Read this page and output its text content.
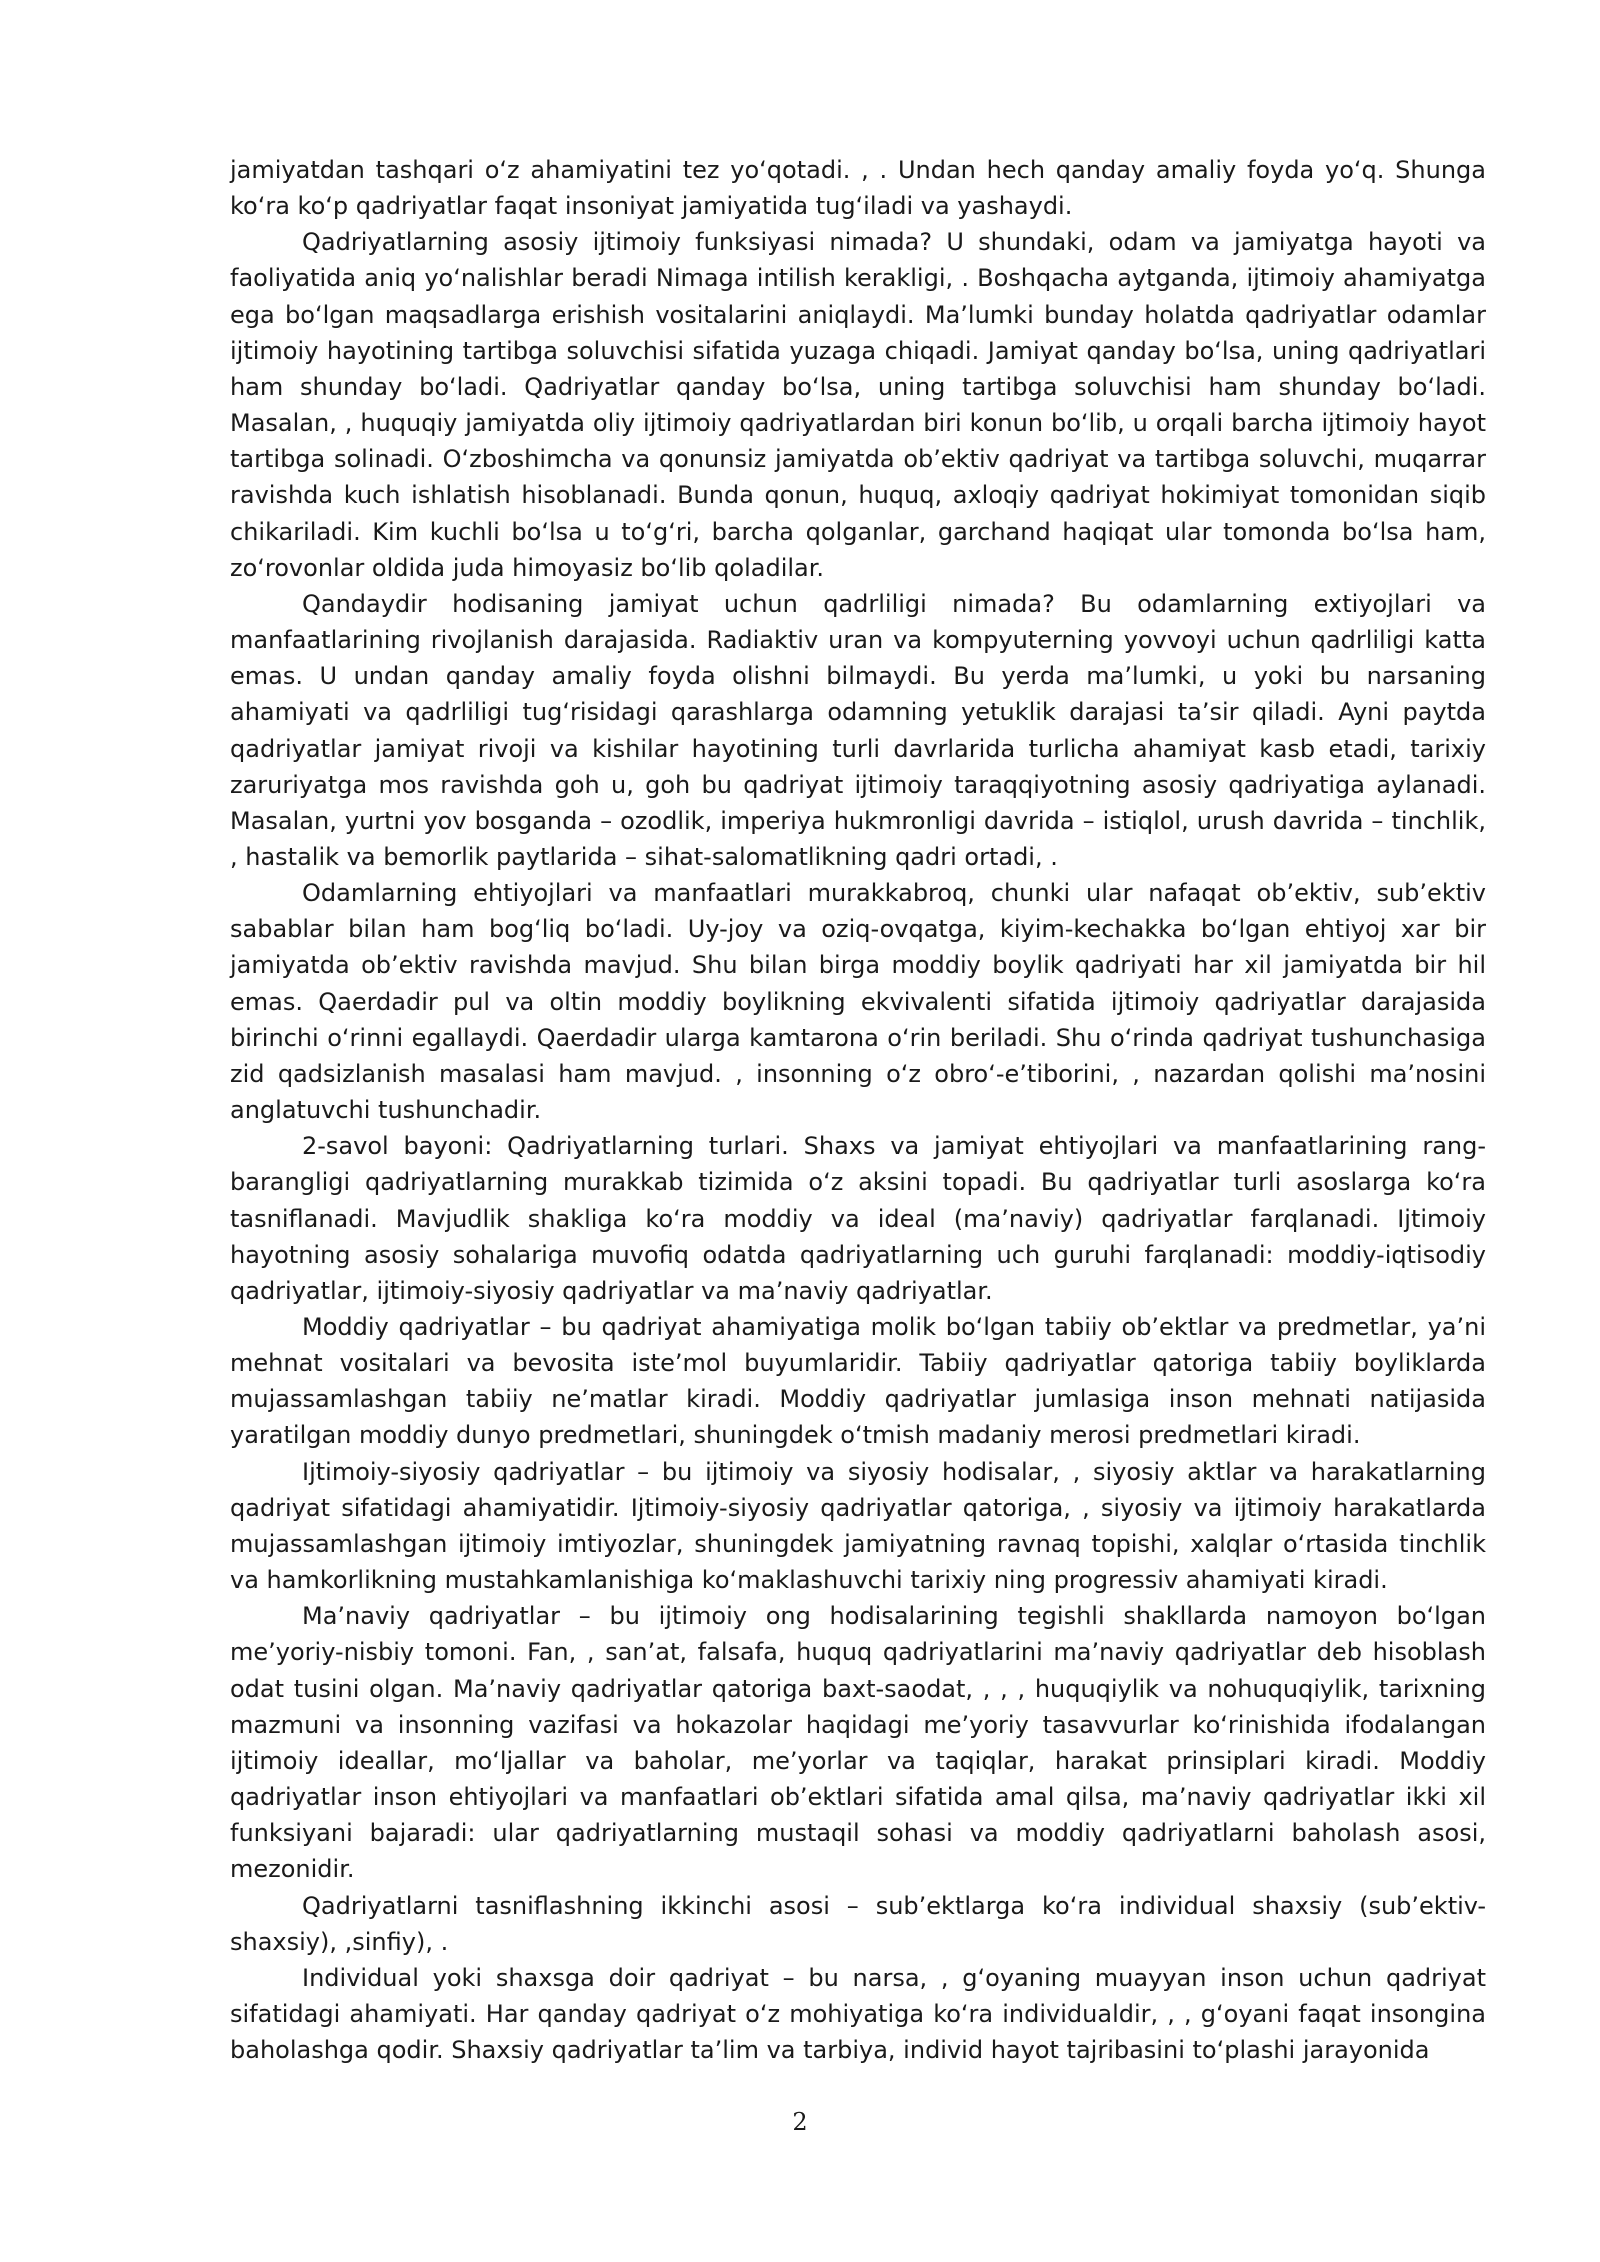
jamiyatdan tashqari o‘z ahamiyatini tez yo‘qotadi. , . Undan hech qanday amaliy foyda yo‘q. Shunga ko‘ra ko‘p qadriyatlar faqat insoniyat jamiyatida tug‘iladi va yashaydi.

Qadriyatlarning asosiy ijtimoiy funksiyasi nimada? U shundaki, odam va jamiyatga hayoti va faoliyatida aniq yo‘nalishlar beradi Nimaga intilish kerakligi, . Boshqacha aytganda, ijtimoiy ahamiyatga ega bo‘lgan maqsadlarga erishish vositalarini aniqlaydi. Ma’lumki bunday holatda qadriyatlar odamlar ijtimoiy hayotining tartibga soluvchisi sifatida yuzaga chiqadi. Jamiyat qanday bo‘lsa, uning qadriyatlari ham shunday bo‘ladi. Qadriyatlar qanday bo‘lsa, uning tartibga soluvchisi ham shunday bo‘ladi. Masalan, , huquqiy jamiyatda oliy ijtimoiy qadriyatlardan biri konun bo‘lib, u orqali barcha ijtimoiy hayot tartibga solinadi. O‘zboshimcha va qonunsiz jamiyatda ob’ektiv qadriyat va tartibga soluvchi, muqarrar ravishda kuch ishlatish hisoblanadi. Bunda qonun, huquq, axloqiy qadriyat hokimiyat tomonidan siqib chikariladi. Kim kuchli bo‘lsa u to‘g‘ri, barcha qolganlar, garchand haqiqat ular tomonda bo‘lsa ham, zo‘rovonlar oldida juda himoyasiz bo‘lib qoladilar.

Qandaydir hodisaning jamiyat uchun qadrliligi nimada? Bu odamlarning extiyojlari va manfaatlarining rivojlanish darajasida. Radiaktiv uran va kompyuterning yovvoyi uchun qadrliligi katta emas. U undan qanday amaliy foyda olishni bilmaydi. Bu yerda ma’lumki, u yoki bu narsaning ahamiyati va qadrliligi tug‘risidagi qarashlarga odamning yetuklik darajasi ta’sir qiladi. Ayni paytda qadriyatlar jamiyat rivoji va kishilar hayotining turli davrlarida turlicha ahamiyat kasb etadi, tarixiy zaruriyatga mos ravishda goh u, goh bu qadriyat ijtimoiy taraqqiyotning asosiy qadriyatiga aylanadi. Masalan, yurtni yov bosganda – ozodlik, imperiya hukmronligi davrida – istiqlol, urush davrida – tinchlik, , hastalik va bemorlik paytlarida – sihat-salomatlikning qadri ortadi, .

Odamlarning ehtiyojlari va manfaatlari murakkabroq, chunki ular nafaqat ob’ektiv, sub’ektiv sabablar bilan ham bog‘liq bo‘ladi. Uy-joy va oziq-ovqatga, kiyim-kechakka bo‘lgan ehtiyoj xar bir jamiyatda ob’ektiv ravishda mavjud. Shu bilan birga moddiy boylik qadriyati har xil jamiyatda bir hil emas. Qaerdadir pul va oltin moddiy boylikning ekvivalenti sifatida ijtimoiy qadriyatlar darajasida birinchi o‘rinni egallaydi. Qaerdadir ularga kamtarona o‘rin beriladi. Shu o‘rinda qadriyat tushunchasiga zid qadsizlanish masalasi ham mavjud. , insonning o‘z obro‘-e’tiborini, , nazardan qolishi ma’nosini anglatuvchi tushunchadir.

2-savol bayoni: Qadriyatlarning turlari. Shaxs va jamiyat ehtiyojlari va manfaatlarining rang-barangligi qadriyatlarning murakkab tizimida o‘z aksini topadi. Bu qadriyatlar turli asoslarga ko‘ra tasniflanadi. Mavjudlik shakliga ko‘ra moddiy va ideal (ma’naviy) qadriyatlar farqlanadi. Ijtimoiy hayotning asosiy sohalariga muvofiq odatda qadriyatlarning uch guruhi farqlanadi: moddiy-iqtisodiy qadriyatlar, ijtimoiy-siyosiy qadriyatlar va ma’naviy qadriyatlar.

Moddiy qadriyatlar – bu qadriyat ahamiyatiga molik bo‘lgan tabiiy ob’ektlar va predmetlar, ya’ni mehnat vositalari va bevosita iste’mol buyumlaridir. Tabiiy qadriyatlar qatoriga tabiiy boyliklarda mujassamlashgan tabiiy ne’matlar kiradi. Moddiy qadriyatlar jumlasiga inson mehnati natijasida yaratilgan moddiy dunyo predmetlari, shuningdek o‘tmish madaniy merosi predmetlari kiradi.

Ijtimoiy-siyosiy qadriyatlar – bu ijtimoiy va siyosiy hodisalar, , siyosiy aktlar va harakatlarning qadriyat sifatidagi ahamiyatidir. Ijtimoiy-siyosiy qadriyatlar qatoriga, , siyosiy va ijtimoiy harakatlarda mujassamlashgan ijtimoiy imtiyozlar, shuningdek jamiyatning ravnaq topishi, xalqlar o‘rtasida tinchlik va hamkorlikning mustahkamlanishiga ko‘maklashuvchi tarixiy ning progressiv ahamiyati kiradi.

Ma’naviy qadriyatlar – bu ijtimoiy ong hodisalarining tegishli shakllarda namoyon bo‘lgan me’yoriy-nisbiy tomoni. Fan, , san’at, falsafa, huquq qadriyatlarini ma’naviy qadriyatlar deb hisoblash odat tusini olgan. Ma’naviy qadriyatlar qatoriga baxt-saodat, , , , huquqiylik va nohuquqiylik, tarixning mazmuni va insonning vazifasi va hokazolar haqidagi me’yoriy tasavvurlar ko‘rinishida ifodalangan ijtimoiy ideallar, mo‘ljallar va baholar, me’yorlar va taqiqlar, harakat prinsiplari kiradi. Moddiy qadriyatlar inson ehtiyojlari va manfaatlari ob’ektlari sifatida amal qilsa, ma’naviy qadriyatlar ikki xil funksiyani bajaradi: ular qadriyatlarning mustaqil sohasi va moddiy qadriyatlarni baholash asosi, mezonidir.

Qadriyatlarni tasniflashning ikkinchi asosi – sub’ektlarga ko‘ra individual shaxsiy (sub’ektiv-shaxsiy), ,sinfiy), .

Individual yoki shaxsga doir qadriyat – bu narsa, , g‘oyaning muayyan inson uchun qadriyat sifatidagi ahamiyati. Har qanday qadriyat o‘z mohiyatiga ko‘ra individualdir, , , g‘oyani faqat insongina baholashga qodir. Shaxsiy qadriyatlar ta’lim va tarbiya, individ hayot tajribasini to‘plashi jarayonida

2
